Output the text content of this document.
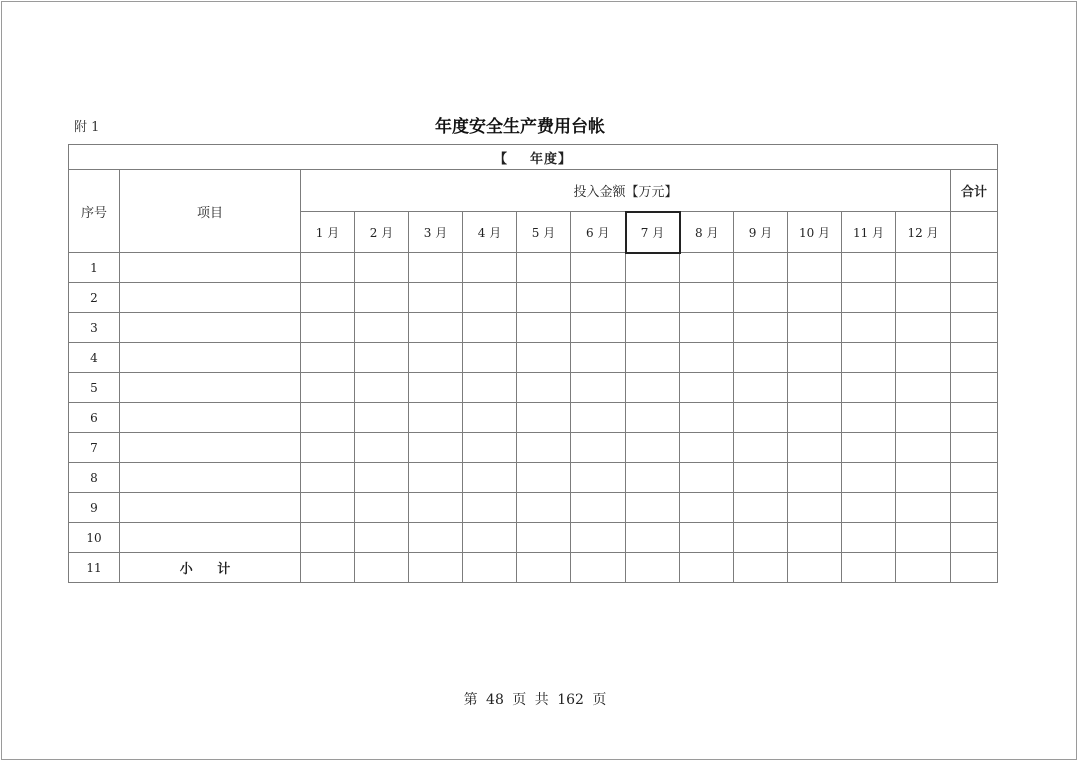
附 1	年度安全生产费用台帐
【 年度】														
序号	项目	投入金额【万元】												合计
		1 月	2 月	3 月	4 月	5 月	6 月	7 月	8 月	9 月	10 月	11 月	12 月	
1														
2														
3														
4														
5														
6														
7														
8														
9														
10														
11	小 计													
第 48 页 共 162 页
